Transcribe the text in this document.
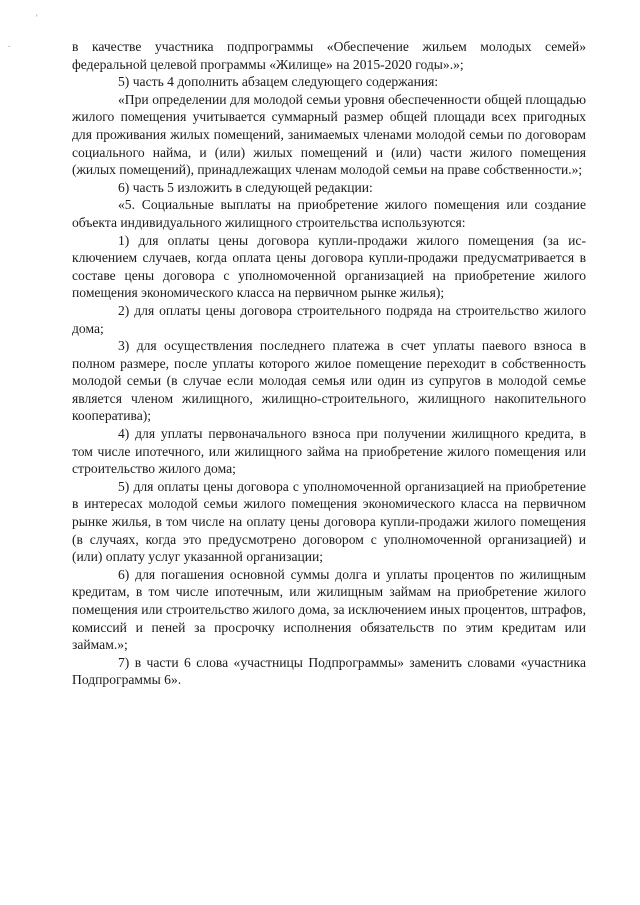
'
.	в качестве участника подпрограммы «Обеспечение жильем молодых семей» федеральной целевой программы «Жилище» на 2015-2020 годы».»;

5) часть 4 дополнить абзацем следующего содержания:

«При определении для молодой семьи уровня обеспеченности общей площадью жилого помещения учитывается суммарный размер общей площади всех пригодных для проживания жилых помещений, занимаемых членами молодой семьи по договорам социального найма, и (или) жилых помещений и (или) части жилого помещения (жилых помещений), принадлежащих членам молодой семьи на праве собственности.»;

6) часть 5 изложить в следующей редакции:

«5. Социальные выплаты на приобретение жилого помещения или создание объекта индивидуального жилищного строительства используются:

1) для оплаты цены договора купли-продажи жилого помещения (за исключением случаев, когда оплата цены договора купли-продажи предусматривается в составе цены договора с уполномоченной организацией на приобретение жилого помещения экономического класса на первичном рынке жилья);

2) для оплаты цены договора строительного подряда на строительство жилого дома;

3) для осуществления последнего платежа в счет уплаты паевого взноса в полном размере, после уплаты которого жилое помещение переходит в собственность молодой семьи (в случае если молодая семья или один из супругов в молодой семье является членом жилищного, жилищно-строительного, жилищного накопительного кооператива);

4) для уплаты первоначального взноса при получении жилищного кредита, в том числе ипотечного, или жилищного займа на приобретение жилого помещения или строительство жилого дома;

5) для оплаты цены договора с уполномоченной организацией на приобретение в интересах молодой семьи жилого помещения экономического класса на первичном рынке жилья, в том числе на оплату цены договора купли-продажи жилого помещения (в случаях, когда это предусмотрено договором с уполномоченной организацией) и (или) оплату услуг указанной организации;

6) для погашения основной суммы долга и уплаты процентов по жилищным кредитам, в том числе ипотечным, или жилищным займам на приобретение жилого помещения или строительство жилого дома, за исключением иных процентов, штрафов, комиссий и пеней за просрочку исполнения обязательств по этим кредитам или займам.»;

7) в части 6 слова «участницы Подпрограммы» заменить словами «участника Подпрограммы 6».
